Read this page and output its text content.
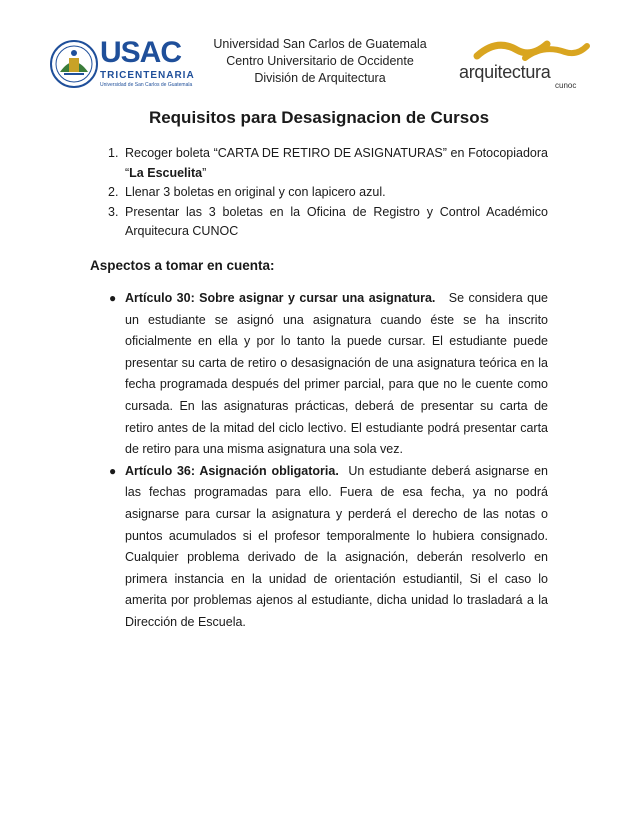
USAC
TRICENTENARIA
Universidad de San Carlos de Guatemala
Universidad San Carlos de Guatemala
Centro Universitario de Occidente
División de Arquitectura	arquitectura
cunoc
Requisitos para Desasignacion de Cursos
1. Recoger boleta “CARTA DE RETIRO DE ASIGNATURAS” en Fotocopiadora “La Escuelita”
2. Llenar 3 boletas en original y con lapicero azul.
3. Presentar las 3 boletas en la Oficina de Registro y Control Académico Arquitecura CUNOC
Aspectos a tomar en cuenta:
● Artículo 30: Sobre asignar y cursar una asignatura. Se considera que un estudiante se asignó una asignatura cuando éste se ha inscrito oficialmente en ella y por lo tanto la puede cursar. El estudiante puede presentar su carta de retiro o desasignación de una asignatura teórica en la fecha programada después del primer parcial, para que no le cuente como cursada. En las asignaturas prácticas, deberá de presentar su carta de retiro antes de la mitad del ciclo lectivo. El estudiante podrá presentar carta de retiro para una misma asignatura una sola vez.
● Artículo 36: Asignación obligatoria. Un estudiante deberá asignarse en las fechas programadas para ello. Fuera de esa fecha, ya no podrá asignarse para cursar la asignatura y perderá el derecho de las notas o puntos acumulados si el profesor temporalmente lo hubiera consignado. Cualquier problema derivado de la asignación, deberán resolverlo en primera instancia en la unidad de orientación estudiantil, Si el caso lo amerita por problemas ajenos al estudiante, dicha unidad lo trasladará a la Dirección de Escuela.
